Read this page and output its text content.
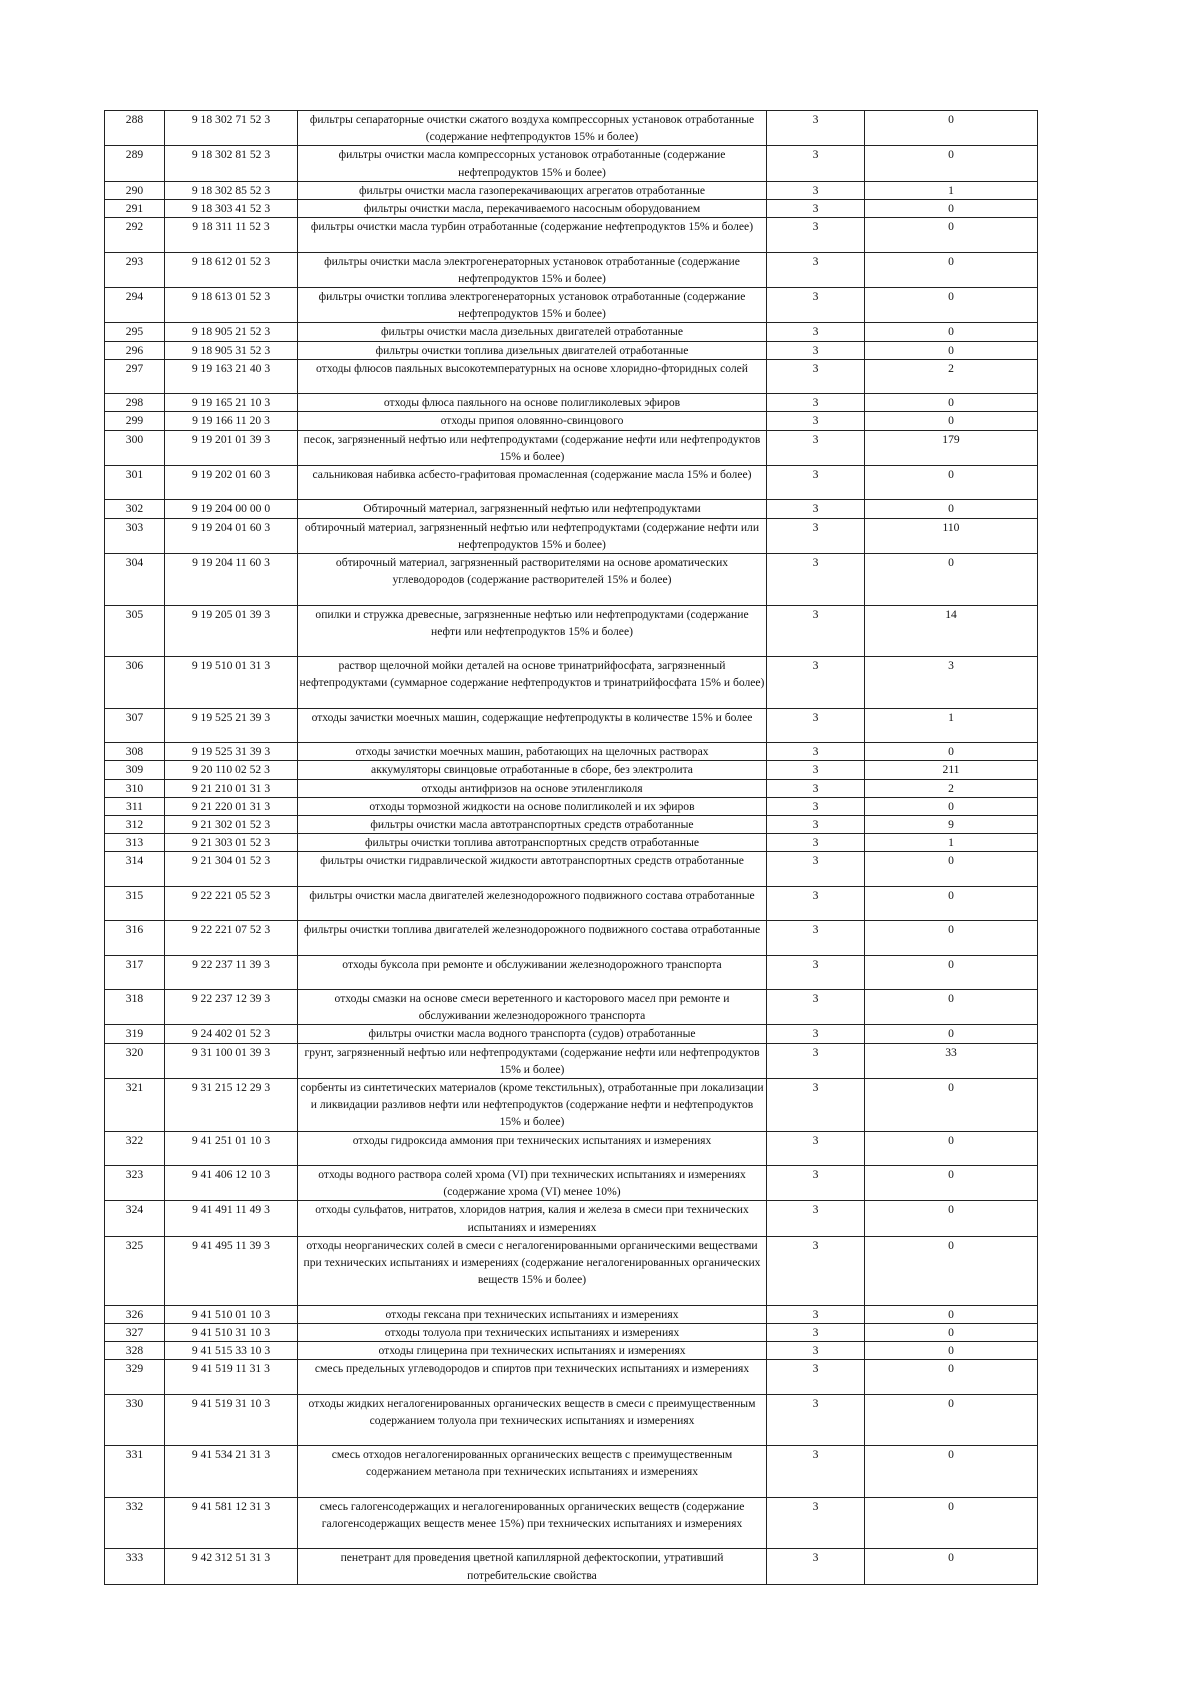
288	9 18 302 71 52 3	фильтры сепараторные очистки сжатого воздуха компрессорных установок отработанные (содержание нефтепродуктов 15% и более)	3	0
289	9 18 302 81 52 3	фильтры очистки масла компрессорных установок отработанные (содержание нефтепродуктов 15% и более)	3	0
290	9 18 302 85 52 3	фильтры очистки масла газоперекачивающих агрегатов отработанные	3	1
291	9 18 303 41 52 3	фильтры очистки масла, перекачиваемого насосным оборудованием	3	0
292	9 18 311 11 52 3	фильтры очистки масла турбин отработанные (содержание нефтепродуктов 15% и более)	3	0
293	9 18 612 01 52 3	фильтры очистки масла электрогенераторных установок отработанные (содержание нефтепродуктов 15% и более)	3	0
294	9 18 613 01 52 3	фильтры очистки топлива электрогенераторных установок отработанные (содержание нефтепродуктов 15% и более)	3	0
295	9 18 905 21 52 3	фильтры очистки масла дизельных двигателей отработанные	3	0
296	9 18 905 31 52 3	фильтры очистки топлива дизельных двигателей отработанные	3	0
297	9 19 163 21 40 3	отходы флюсов паяльных высокотемпературных на основе хлоридно-фторидных солей	3	2
298	9 19 165 21 10 3	отходы флюса паяльного на основе полигликолевых эфиров	3	0
299	9 19 166 11 20 3	отходы припоя оловянно-свинцового	3	0
300	9 19 201 01 39 3	песок, загрязненный нефтью или нефтепродуктами (содержание нефти или нефтепродуктов 15% и более)	3	179
301	9 19 202 01 60 3	сальниковая набивка асбесто-графитовая промасленная (содержание масла 15% и более)	3	0
302	9 19 204 00 00 0	Обтирочный материал, загрязненный нефтью или нефтепродуктами	3	0
303	9 19 204 01 60 3	обтирочный материал, загрязненный нефтью или нефтепродуктами (содержание нефти или нефтепродуктов 15% и более)	3	110
304	9 19 204 11 60 3	обтирочный материал, загрязненный растворителями на основе ароматических углеводородов (содержание растворителей 15% и более)	3	0
305	9 19 205 01 39 3	опилки и стружка древесные, загрязненные нефтью или нефтепродуктами (содержание нефти или нефтепродуктов 15% и более)	3	14
306	9 19 510 01 31 3	раствор щелочной мойки деталей на основе тринатрийфосфата, загрязненный нефтепродуктами (суммарное содержание нефтепродуктов и тринатрийфосфата 15% и более)	3	3
307	9 19 525 21 39 3	отходы зачистки моечных машин, содержащие нефтепродукты в количестве 15% и более	3	1
308	9 19 525 31 39 3	отходы зачистки моечных машин, работающих на щелочных растворах	3	0
309	9 20 110 02 52 3	аккумуляторы свинцовые отработанные в сборе, без электролита	3	211
310	9 21 210 01 31 3	отходы антифризов на основе этиленгликоля	3	2
311	9 21 220 01 31 3	отходы тормозной жидкости на основе полигликолей и их эфиров	3	0
312	9 21 302 01 52 3	фильтры очистки масла автотранспортных средств отработанные	3	9
313	9 21 303 01 52 3	фильтры очистки топлива автотранспортных средств отработанные	3	1
314	9 21 304 01 52 3	фильтры очистки гидравлической жидкости автотранспортных средств отработанные	3	0
315	9 22 221 05 52 3	фильтры очистки масла двигателей железнодорожного подвижного состава отработанные	3	0
316	9 22 221 07 52 3	фильтры очистки топлива двигателей железнодорожного подвижного состава отработанные	3	0
317	9 22 237 11 39 3	отходы буксола при ремонте и обслуживании железнодорожного транспорта	3	0
318	9 22 237 12 39 3	отходы смазки на основе смеси веретенного и касторового масел при ремонте и обслуживании железнодорожного транспорта	3	0
319	9 24 402 01 52 3	фильтры очистки масла водного транспорта (судов) отработанные	3	0
320	9 31 100 01 39 3	грунт, загрязненный нефтью или нефтепродуктами (содержание нефти или нефтепродуктов 15% и более)	3	33
321	9 31 215 12 29 3	сорбенты из синтетических материалов (кроме текстильных), отработанные при локализации и ликвидации разливов нефти или нефтепродуктов (содержание нефти и нефтепродуктов 15% и более)	3	0
322	9 41 251 01 10 3	отходы гидроксида аммония при технических испытаниях и измерениях	3	0
323	9 41 406 12 10 3	отходы водного раствора солей хрома (VI) при технических испытаниях и измерениях (содержание хрома (VI) менее 10%)	3	0
324	9 41 491 11 49 3	отходы сульфатов, нитратов, хлоридов натрия, калия и железа в смеси при технических испытаниях и измерениях	3	0
325	9 41 495 11 39 3	отходы неорганических солей в смеси с негалогенированными органическими веществами при технических испытаниях и измерениях (содержание негалогенированных органических веществ 15% и более)	3	0
326	9 41 510 01 10 3	отходы гексана при технических испытаниях и измерениях	3	0
327	9 41 510 31 10 3	отходы толуола при технических испытаниях и измерениях	3	0
328	9 41 515 33 10 3	отходы глицерина при технических испытаниях и измерениях	3	0
329	9 41 519 11 31 3	смесь предельных углеводородов и спиртов при технических испытаниях и измерениях	3	0
330	9 41 519 31 10 3	отходы жидких негалогенированных органических веществ в смеси с преимущественным содержанием толуола при технических испытаниях и измерениях	3	0
331	9 41 534 21 31 3	смесь отходов негалогенированных органических веществ с преимущественным содержанием метанола при технических испытаниях и измерениях	3	0
332	9 41 581 12 31 3	смесь галогенсодержащих и негалогенированных органических веществ (содержание галогенсодержащих веществ менее 15%) при технических испытаниях и измерениях	3	0
333	9 42 312 51 31 3	пенетрант для проведения цветной капиллярной дефектоскопии, утративший потребительские свойства	3	0
